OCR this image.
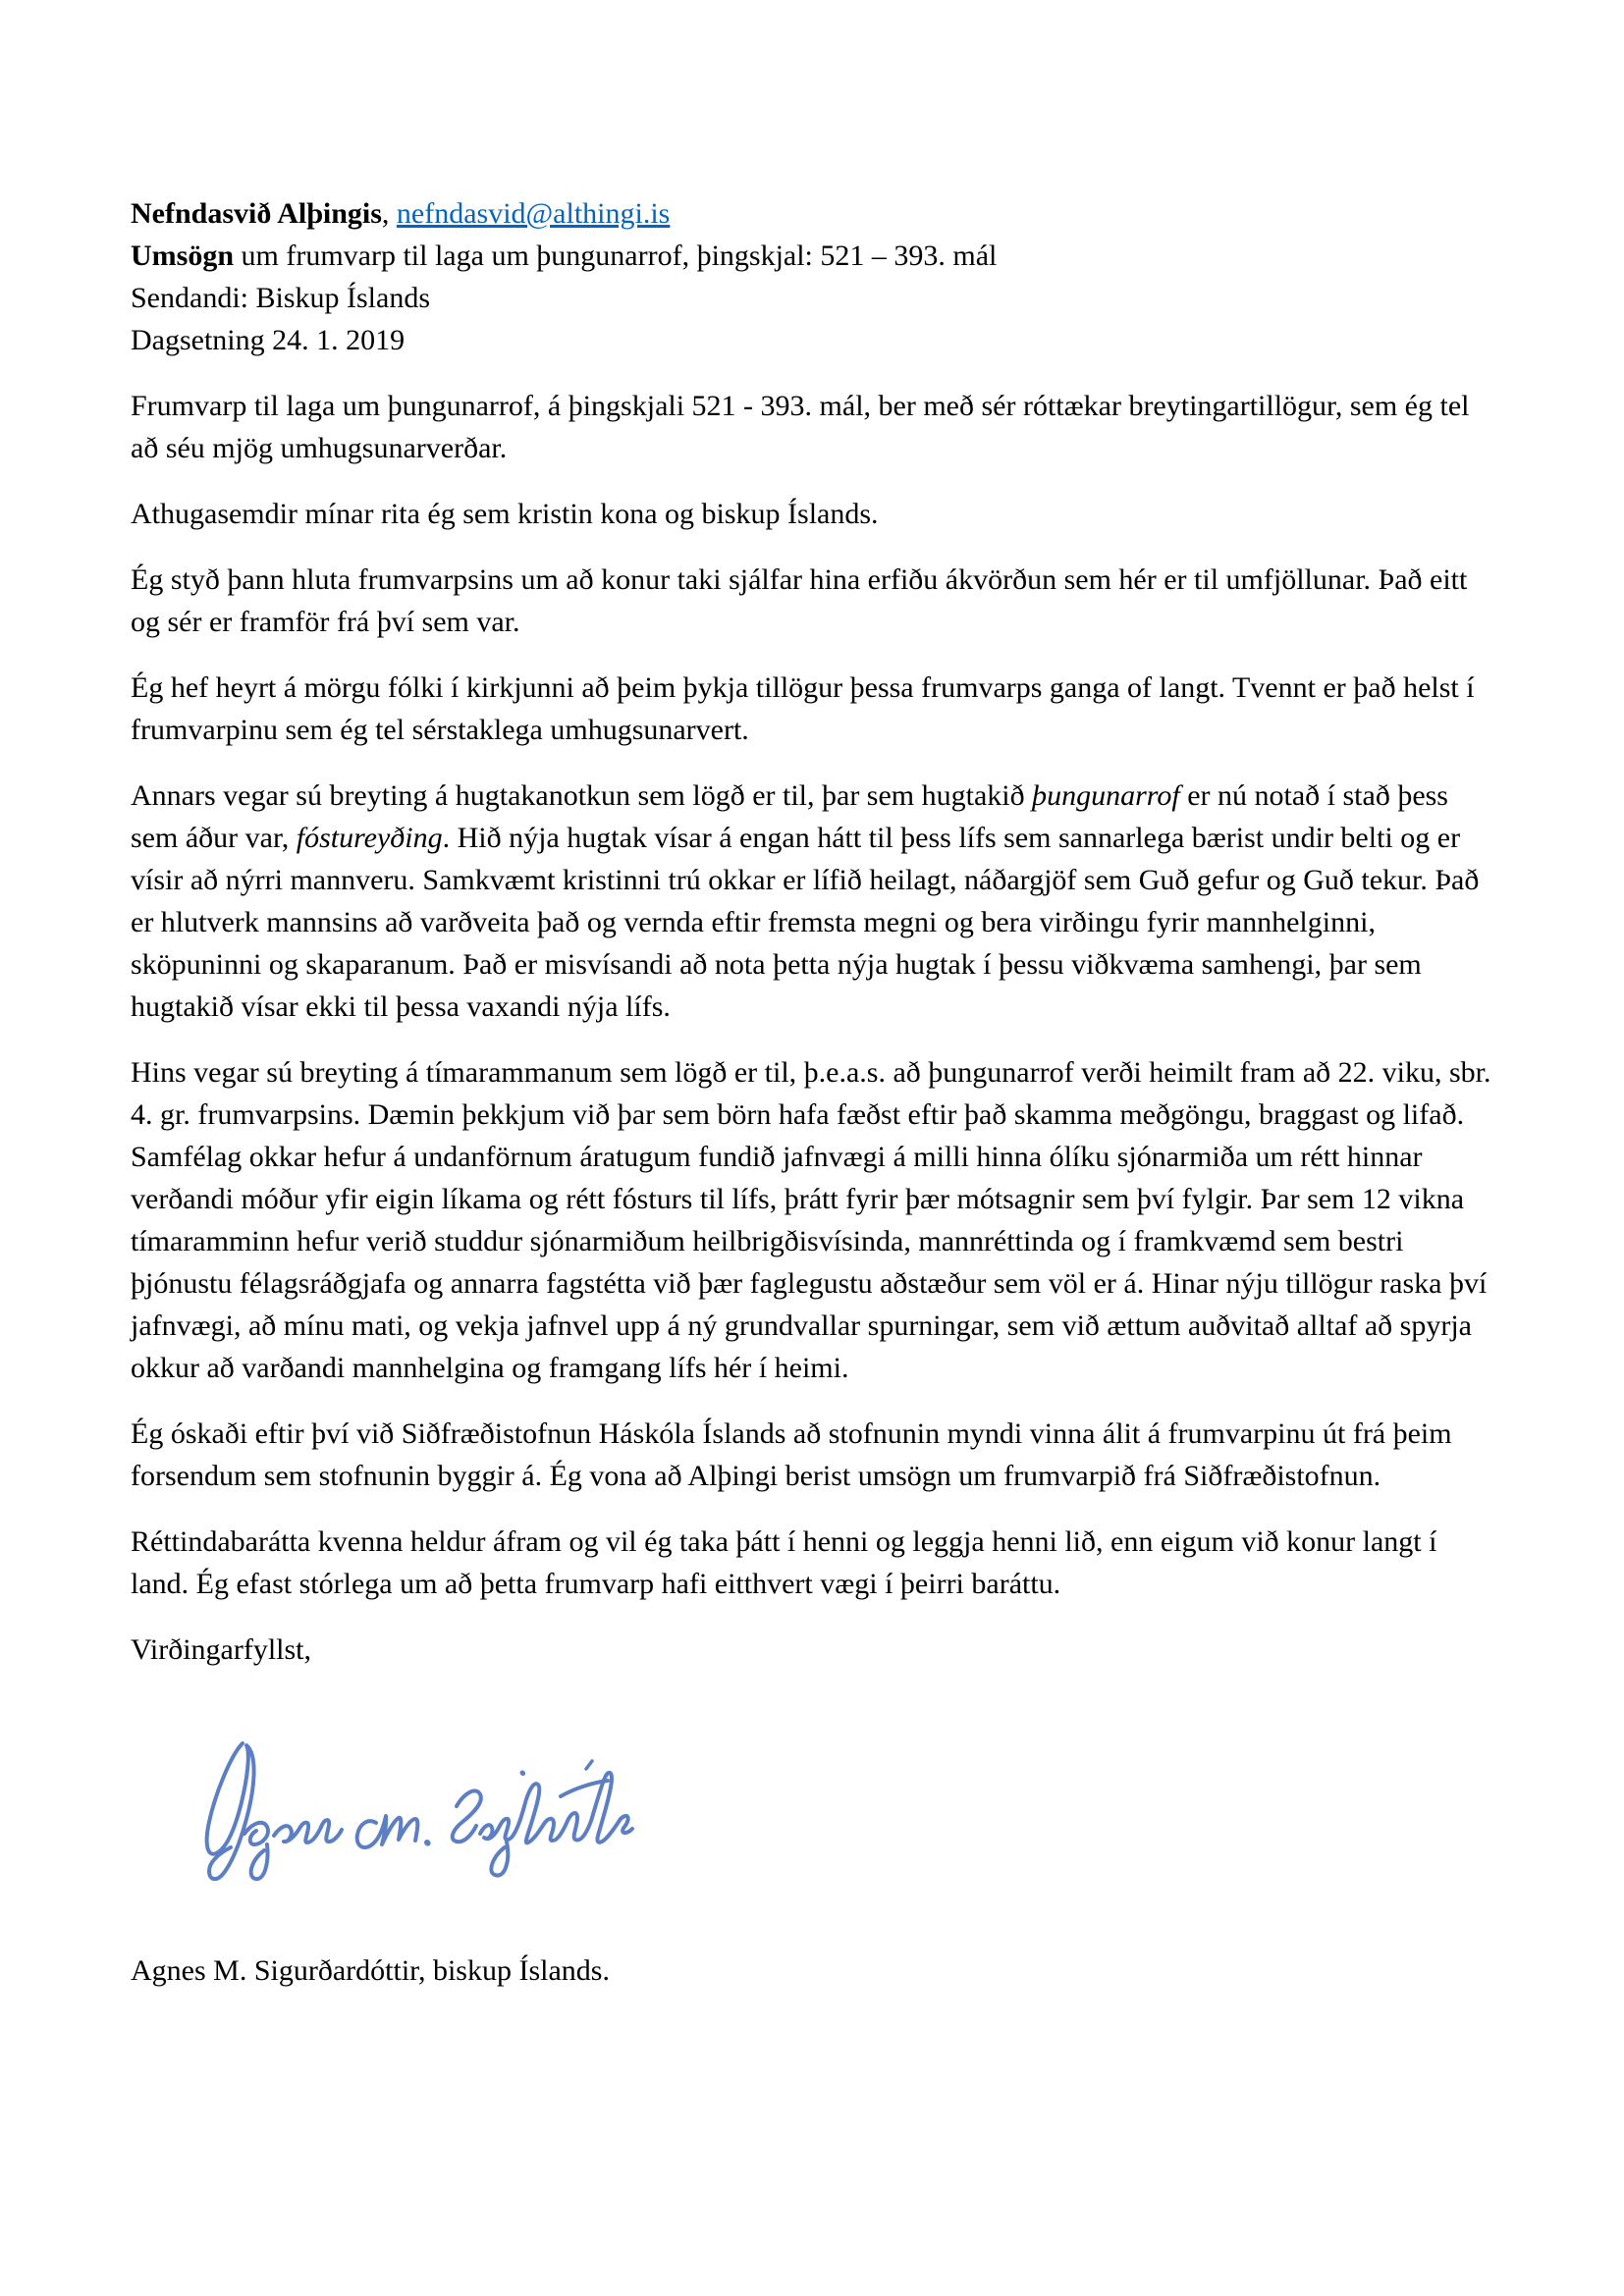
Nefndasvið Alþingis, nefndasvid@althingi.is
Umsögn um frumvarp til laga um þungunarrof, þingskjal: 521 – 393. mál
Sendandi: Biskup Íslands
Dagsetning 24. 1. 2019

Frumvarp til laga um þungunarrof, á þingskjali 521 - 393. mál, ber með sér róttækar breytingartillögur, sem ég tel að séu mjög umhugsunarverðar.

Athugasemdir mínar rita ég sem kristin kona og biskup Íslands.

Ég styð þann hluta frumvarpsins um að konur taki sjálfar hina erfiðu ákvörðun sem hér er til umfjöllunar. Það eitt og sér er framför frá því sem var.

Ég hef heyrt á mörgu fólki í kirkjunni að þeim þykja tillögur þessa frumvarps ganga of langt. Tvennt er það helst í frumvarpinu sem ég tel sérstaklega umhugsunarvert.

Annars vegar sú breyting á hugtakanotkun sem lögð er til, þar sem hugtakið þungunarrof er nú notað í stað þess sem áður var, fóstureyðing. Hið nýja hugtak vísar á engan hátt til þess lífs sem sannarlega bærist undir belti og er vísir að nýrri mannveru. Samkvæmt kristinni trú okkar er lífið heilagt, náðargjöf sem Guð gefur og Guð tekur. Það er hlutverk mannsins að varðveita það og vernda eftir fremsta megni og bera virðingu fyrir mannhelginni, sköpuninni og skaparanum. Það er misvísandi að nota þetta nýja hugtak í þessu viðkvæma samhengi, þar sem hugtakið vísar ekki til þessa vaxandi nýja lífs.

Hins vegar sú breyting á tímarammanum sem lögð er til, þ.e.a.s. að þungunarrof verði heimilt fram að 22. viku, sbr. 4. gr. frumvarpsins. Dæmin þekkjum við þar sem börn hafa fæðst eftir það skamma meðgöngu, braggast og lifað. Samfélag okkar hefur á undanförnum áratugum fundið jafnvægi á milli hinna ólíku sjónarmiða um rétt hinnar verðandi móður yfir eigin líkama og rétt fósturs til lífs, þrátt fyrir þær mótsagnir sem því fylgir. Þar sem 12 vikna tímaramminn hefur verið studdur sjónarmiðum heilbrigðisvísinda, mannréttinda og í framkvæmd sem bestri þjónustu félagsráðgjafa og annarra fagstétta við þær faglegustu aðstæður sem völ er á. Hinar nýju tillögur raska því jafnvægi, að mínu mati, og vekja jafnvel upp á ný grundvallar spurningar, sem við ættum auðvitað alltaf að spyrja okkur að varðandi mannhelgina og framgang lífs hér í heimi.

Ég óskaði eftir því við Siðfræðistofnun Háskóla Íslands að stofnunin myndi vinna álit á frumvarpinu út frá þeim forsendum sem stofnunin byggir á. Ég vona að Alþingi berist umsögn um frumvarpið frá Siðfræðistofnun.

Réttindabarátta kvenna heldur áfram og vil ég taka þátt í henni og leggja henni lið, enn eigum við konur langt í land. Ég efast stórlega um að þetta frumvarp hafi eitthvert vægi í þeirri baráttu.

Virðingarfyllst,

Agnes M. Sigurðardóttir, biskup Íslands.
